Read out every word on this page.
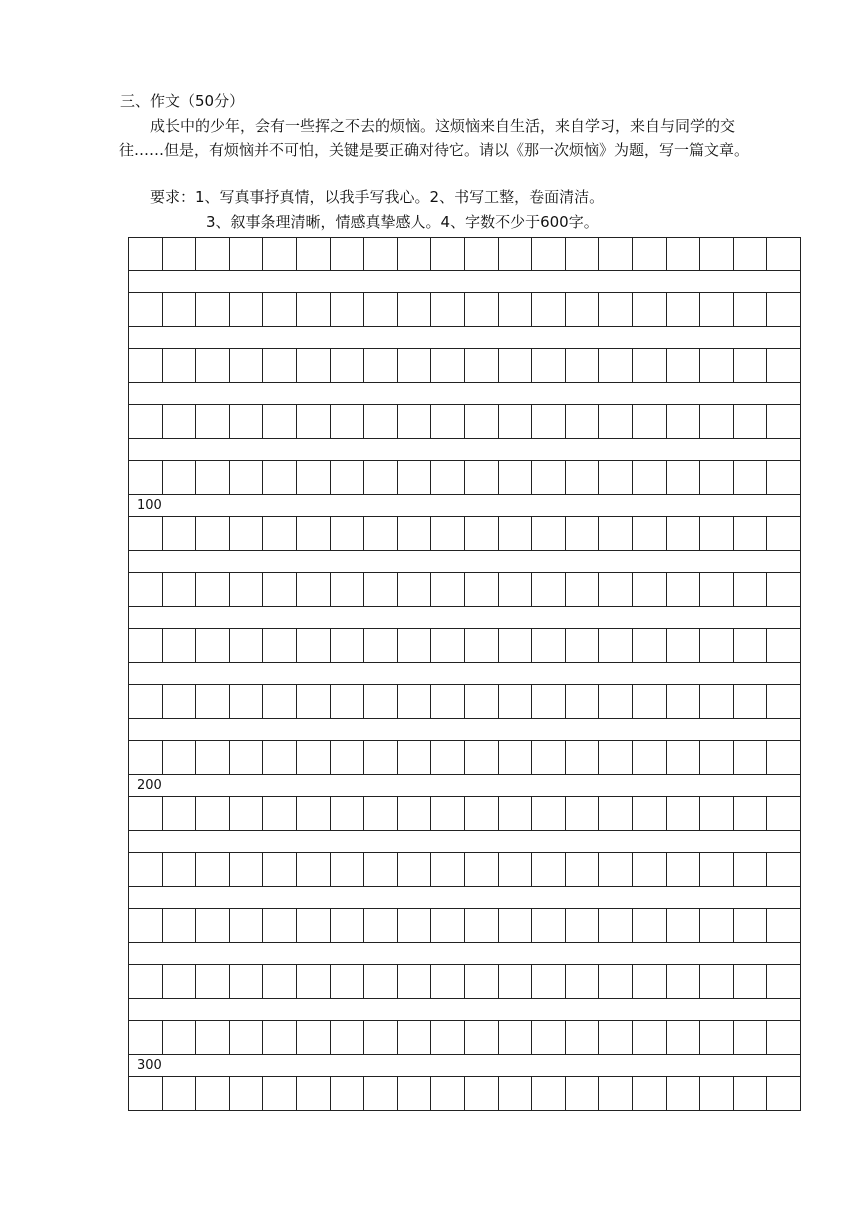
三、作文（50分）

成长中的少年，会有一些挥之不去的烦恼。这烦恼来自生活，来自学习，来自与同学的交往……但是，有烦恼并不可怕，关键是要正确对待它。请以《那一次烦恼》为题，写一篇文章。

要求：1、写真事抒真情，以我手写我心。2、书写工整，卷面清洁。
3、叙事条理清晰，情感真挚感人。4、字数不少于600字。
100
200
300
